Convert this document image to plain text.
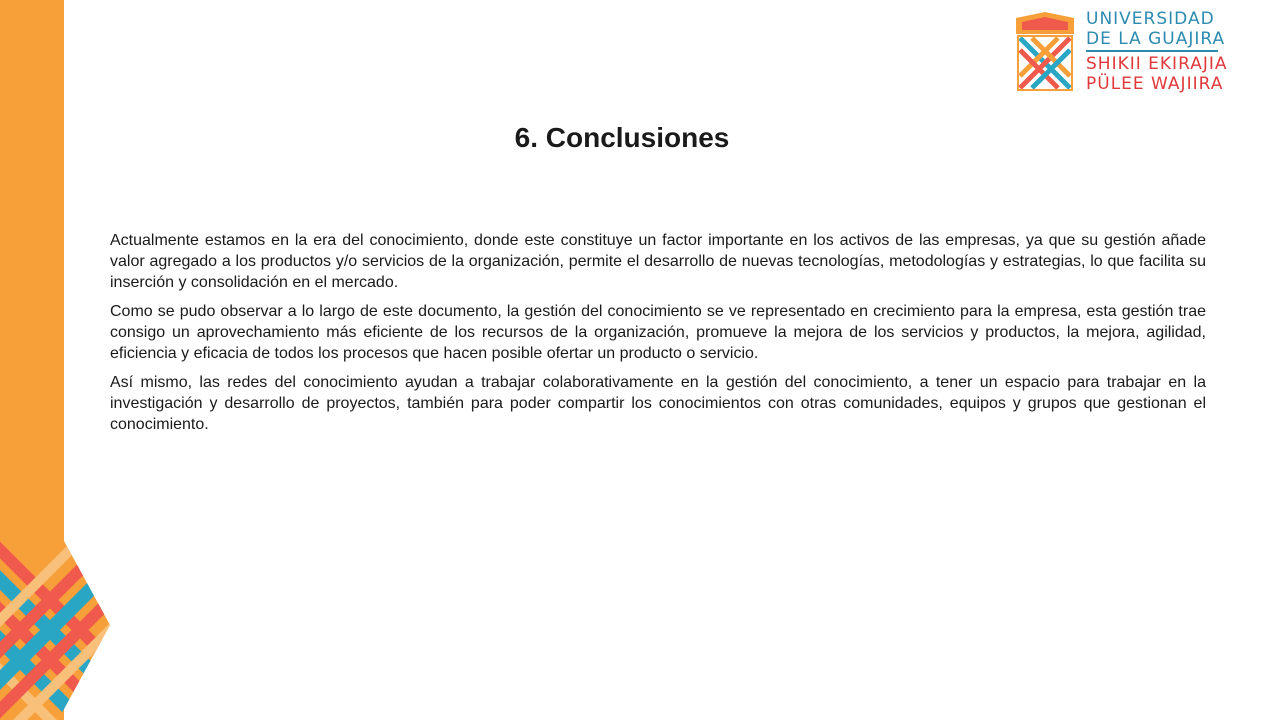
UNIVERSIDAD
DE LA GUAJIRA
SHIKII EKIRAJIA
PÜLEE WAJIIRA
6. Conclusiones

Actualmente estamos en la era del conocimiento, donde este constituye un factor importante en los activos de las empresas, ya que su gestión añade valor agregado a los productos y/o servicios de la organización, permite el desarrollo de nuevas tecnologías, metodologías y estrategias, lo que facilita su inserción y consolidación en el mercado.

Como se pudo observar a lo largo de este documento, la gestión del conocimiento se ve representado en crecimiento para la empresa, esta gestión trae consigo un aprovechamiento más eficiente de los recursos de la organización, promueve la mejora de los servicios y productos, la mejora, agilidad, eficiencia y eficacia de todos los procesos que hacen posible ofertar un producto o servicio.

Así mismo, las redes del conocimiento ayudan a trabajar colaborativamente en la gestión del conocimiento, a tener un espacio para trabajar en la investigación y desarrollo de proyectos, también para poder compartir los conocimientos con otras comunidades, equipos y grupos que gestionan el conocimiento.
